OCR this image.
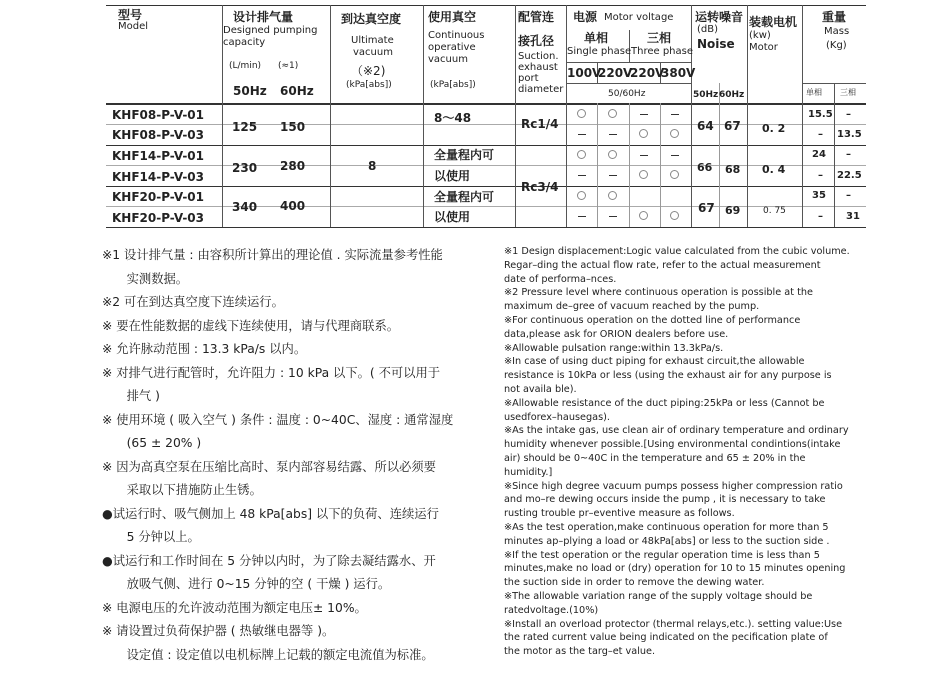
型号
Model
设计排气量
Designed pumping
capacity
(L/min) (≈1)
50Hz 60Hz
到达真空度
Ultimate
vacuum
（※2)
(kPa[abs])
使用真空
Continuous
operative
vacuum
(kPa[abs])
配管连
接孔径
Suction.
exhaust
port
diameter
电源 Motor voltage
单相
Single phase
三相
Three phase
100V
220V
220V
380V
50/60Hz
运转噪音
(dB)
Noise
50Hz 60Hz
装载电机
(kw)
Motor
重量
Mass
(Kg)
单相 三相
KHF08-P-V-01
KHF08-P-V-03
KHF14-P-V-01
KHF14-P-V-03
KHF20-P-V-01
KHF20-P-V-03
125 150
230 280
340 400
8
8～48
全量程内可
以使用
全量程内可
以使用
Rc1/4
Rc3/4
64 67
66 68
67 69
0. 2
0. 4
0. 75
15.5 –
– 13.5
24 –
– 22.5
35 –
– 31
※1 设计排气量 : 由容积所计算出的理论值 . 实际流量参考性能
　　实测数据。
※2 可在到达真空度下连续运行。
※ 要在性能数据的虚线下连续使用，请与代理商联系。
※ 允许脉动范围 : 13.3 kPa/s 以内。
※ 对排气进行配管时，允许阻力 : 10 kPa 以下。( 不可以用于
　　排气 )
※ 使用环境 ( 吸入空气 ) 条件 : 温度 : 0~40C、湿度 : 通常湿度
　　(65 ± 20% )
※ 因为高真空泵在压缩比高时、泵内部容易结露、所以必须要
　　采取以下措施防止生锈。
●试运行时、吸气侧加上 48 kPa[abs] 以下的负荷、连续运行
　　5 分钟以上。
●试运行和工作时间在 5 分钟以内时，为了除去凝结露水、开
　　放吸气侧、进行 0~15 分钟的空 ( 干燥 ) 运行。
※ 电源电压的允许波动范围为额定电压± 10%。
※ 请设置过负荷保护器 ( 热敏继电器等 )。
　　设定值 : 设定值以电机标牌上记载的额定电流值为标准。
※1 Design displacement:Logic value calculated from the cubic volume.
Regar–ding the actual flow rate, refer to the actual measurement
date of performa–nces.
※2 Pressure level where continuous operation is possible at the
maximum de–gree of vacuum reached by the pump.
※For continuous operation on the dotted line of performance
data,please ask for ORION dealers before use.
※Allowable pulsation range:within 13.3kPa/s.
※In case of using duct piping for exhaust circuit,the allowable
resistance is 10kPa or less (using the exhaust air for any purpose is
not availa ble).
※Allowable resistance of the duct piping:25kPa or less (Cannot be
usedforex–hausegas).
※As the intake gas, use clean air of ordinary temperature and ordinary
humidity whenever possible.[Using environmental condintions(intake
air) should be 0~40C in the temperature and 65 ± 20% in the
humidity.]
※Since high degree vacuum pumps possess higher compression ratio
and mo–re dewing occurs inside the pump , it is necessary to take
rusting trouble pr–eventive measure as follows.
※As the test operation,make continuous operation for more than 5
minutes ap–plying a load or 48kPa[abs] or less to the suction side .
※If the test operation or the regular operation time is less than 5
minutes,make no load or (dry) operation for 10 to 15 minutes opening
the suction side in order to remove the dewing water.
※The allowable variation range of the supply voltage should be
ratedvoltage.(10%)
※Install an overload protector (thermal relays,etc.). setting value:Use
the rated current value being indicated on the pecification plate of
the motor as the targ–et value.
